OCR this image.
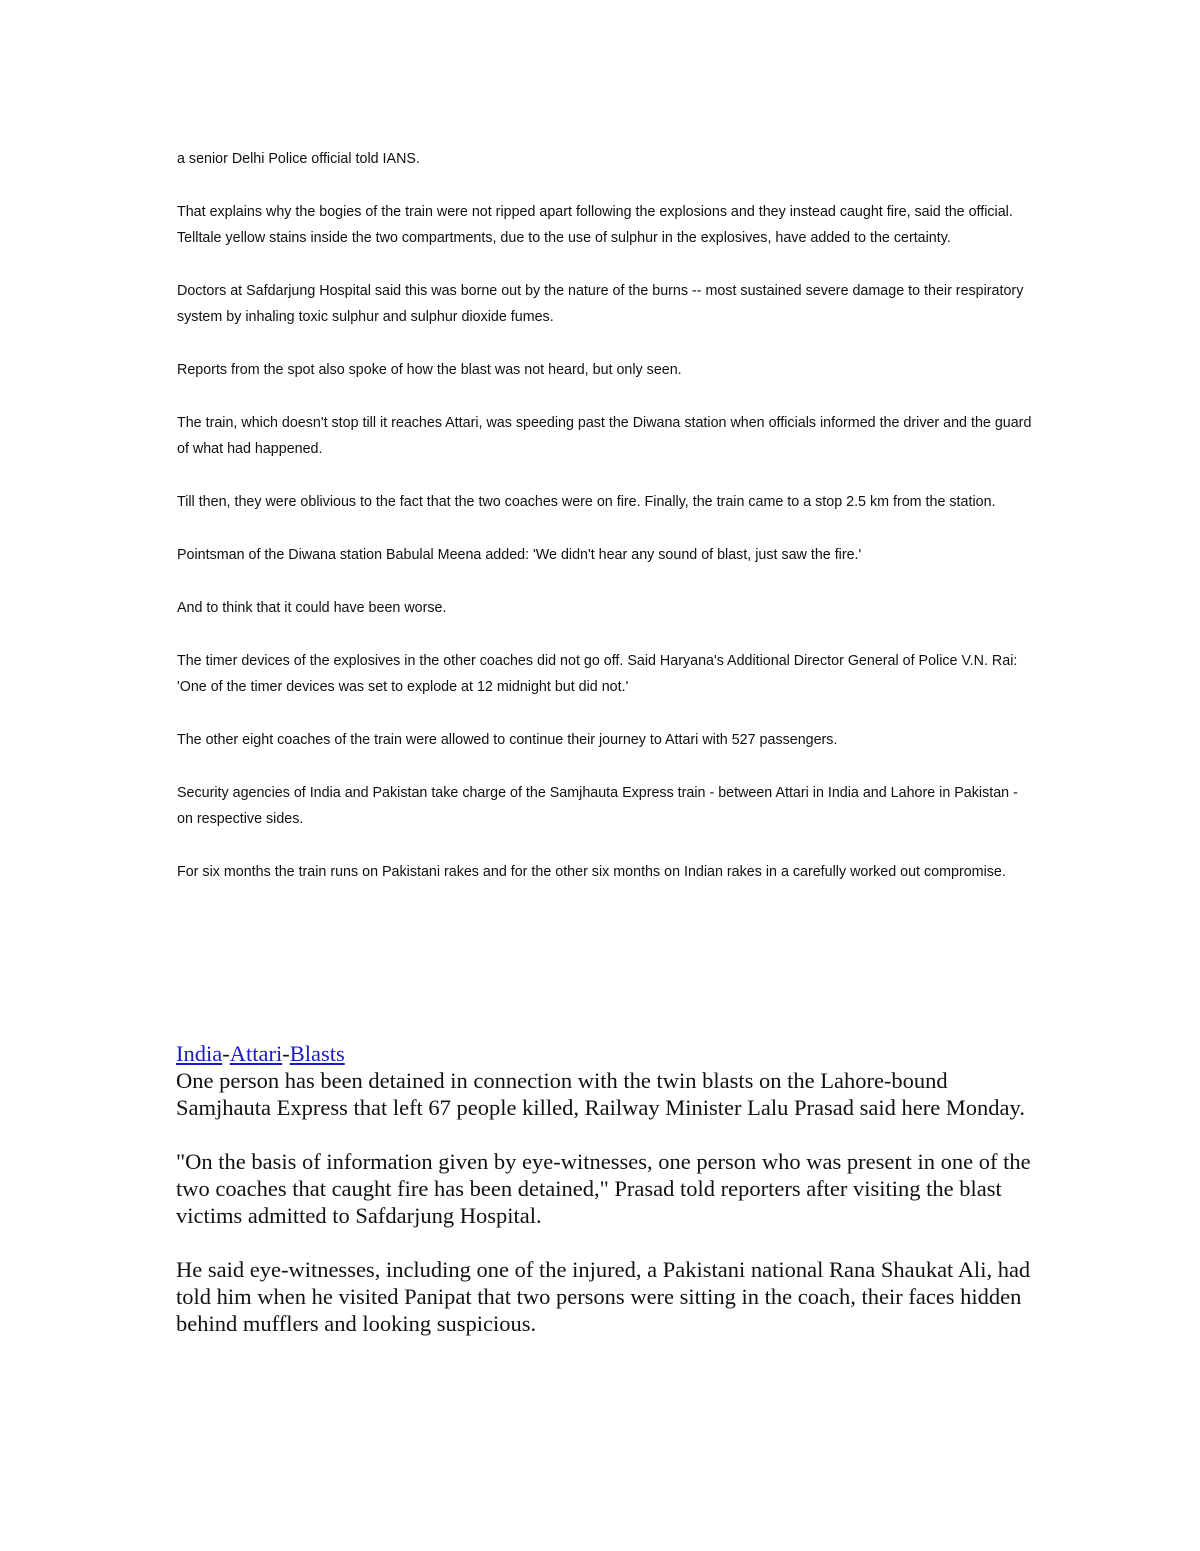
a senior Delhi Police official told IANS.

That explains why the bogies of the train were not ripped apart following the explosions and they instead caught fire, said the official. Telltale yellow stains inside the two compartments, due to the use of sulphur in the explosives, have added to the certainty.

Doctors at Safdarjung Hospital said this was borne out by the nature of the burns -- most sustained severe damage to their respiratory system by inhaling toxic sulphur and sulphur dioxide fumes.

Reports from the spot also spoke of how the blast was not heard, but only seen.

The train, which doesn't stop till it reaches Attari, was speeding past the Diwana station when officials informed the driver and the guard of what had happened.

Till then, they were oblivious to the fact that the two coaches were on fire. Finally, the train came to a stop 2.5 km from the station.

Pointsman of the Diwana station Babulal Meena added: 'We didn't hear any sound of blast, just saw the fire.'

And to think that it could have been worse.

The timer devices of the explosives in the other coaches did not go off. Said Haryana's Additional Director General of Police V.N. Rai: 'One of the timer devices was set to explode at 12 midnight but did not.'

The other eight coaches of the train were allowed to continue their journey to Attari with 527 passengers.

Security agencies of India and Pakistan take charge of the Samjhauta Express train - between Attari in India and Lahore in Pakistan - on respective sides.

For six months the train runs on Pakistani rakes and for the other six months on Indian rakes in a carefully worked out compromise.

India-Attari-Blasts

One person has been detained in connection with the twin blasts on the Lahore-bound Samjhauta Express that left 67 people killed, Railway Minister Lalu Prasad said here Monday.

"On the basis of information given by eye-witnesses, one person who was present in one of the two coaches that caught fire has been detained," Prasad told reporters after visiting the blast victims admitted to Safdarjung Hospital.

He said eye-witnesses, including one of the injured, a Pakistani national Rana Shaukat Ali, had told him when he visited Panipat that two persons were sitting in the coach, their faces hidden behind mufflers and looking suspicious.
